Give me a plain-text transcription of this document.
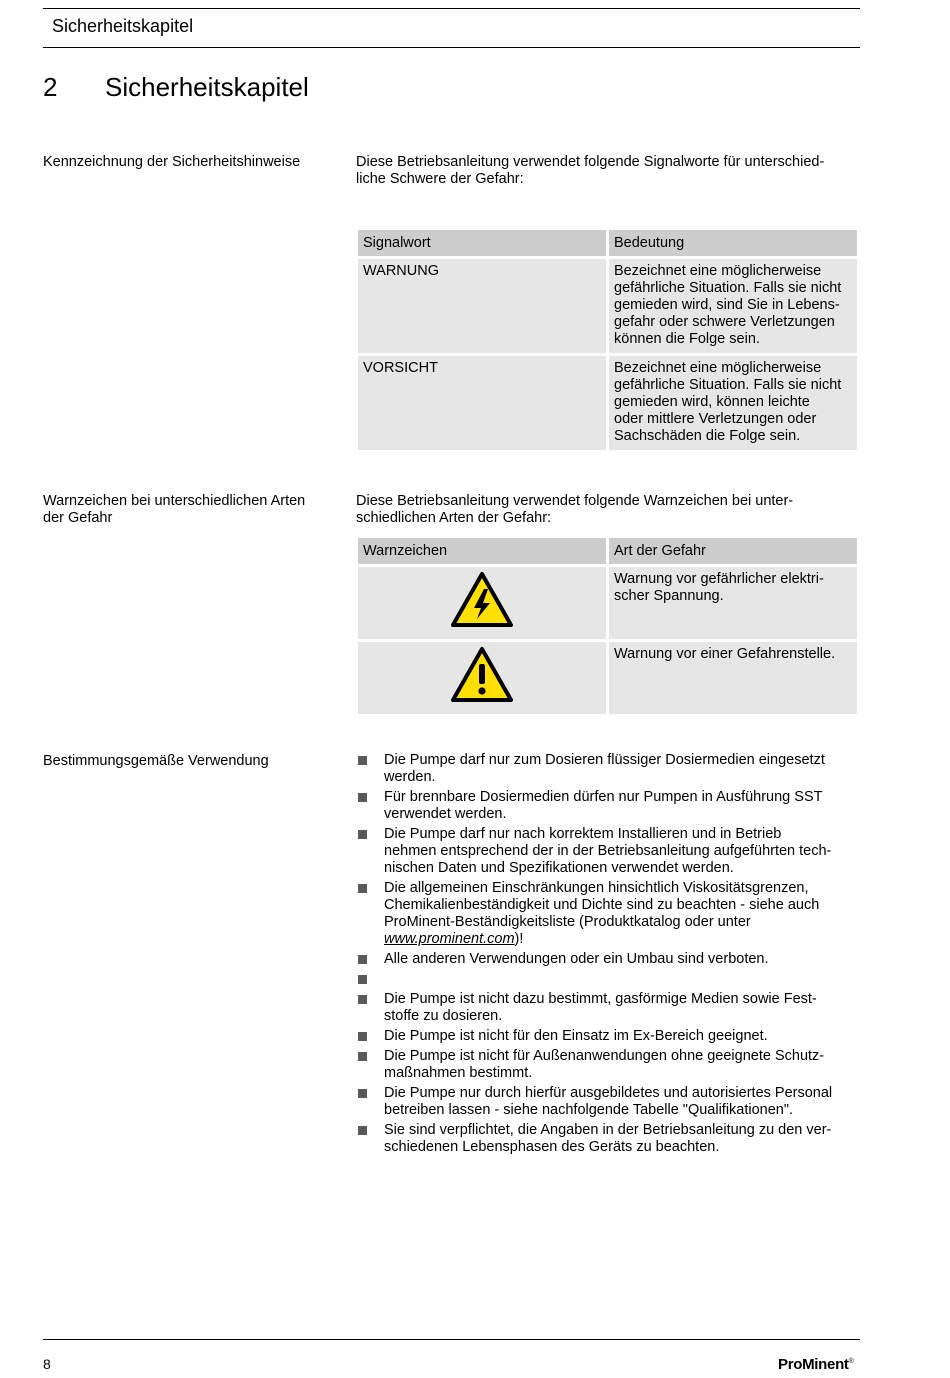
Sicherheitskapitel
2	Sicherheitskapitel
Kennzeichnung der Sicherheitshinweise	Diese Betriebsanleitung verwendet folgende Signalworte für unterschied-
liche Schwere der Gefahr:
Signalwort	Bedeutung
WARNUNG	Bezeichnet eine möglicherweise
gefährliche Situation. Falls sie nicht
gemieden wird, sind Sie in Lebens-
gefahr oder schwere Verletzungen
können die Folge sein.

VORSICHT	Bezeichnet eine möglicherweise
gefährliche Situation. Falls sie nicht
gemieden wird, können leichte
oder mittlere Verletzungen oder
Sachschäden die Folge sein.
Warnzeichen bei unterschiedlichen Arten
der Gefahr
Diese Betriebsanleitung verwendet folgende Warnzeichen bei unter-
schiedlichen Arten der Gefahr:
Warnzeichen	Art der Gefahr

Warnung vor gefährlicher elektri-
scher Spannung.

Warnung vor einer Gefahrenstelle.
Bestimmungsgemäße Verwendung	Die Pumpe darf nur zum Dosieren flüssiger Dosiermedien eingesetzt
werden.
Für brennbare Dosiermedien dürfen nur Pumpen in Ausführung SST
verwendet werden.
Die Pumpe darf nur nach korrektem Installieren und in Betrieb
nehmen entsprechend der in der Betriebsanleitung aufgeführten tech-
nischen Daten und Spezifikationen verwendet werden.
Die allgemeinen Einschränkungen hinsichtlich Viskositätsgrenzen,
Chemikalienbeständigkeit und Dichte sind zu beachten - siehe auch
ProMinent-Beständigkeitsliste (Produktkatalog oder unter
www.prominent.com)!
Alle anderen Verwendungen oder ein Umbau sind verboten.
Die Pumpe ist nicht dazu bestimmt, gasförmige Medien sowie Fest-
stoffe zu dosieren.
Die Pumpe ist nicht für den Einsatz im Ex-Bereich geeignet.
Die Pumpe ist nicht für Außenanwendungen ohne geeignete Schutz-
maßnahmen bestimmt.
Die Pumpe nur durch hierfür ausgebildetes und autorisiertes Personal
betreiben lassen - siehe nachfolgende Tabelle "Qualifikationen".
Sie sind verpflichtet, die Angaben in der Betriebsanleitung zu den ver-
schiedenen Lebensphasen des Geräts zu beachten.
8	ProMinent®
